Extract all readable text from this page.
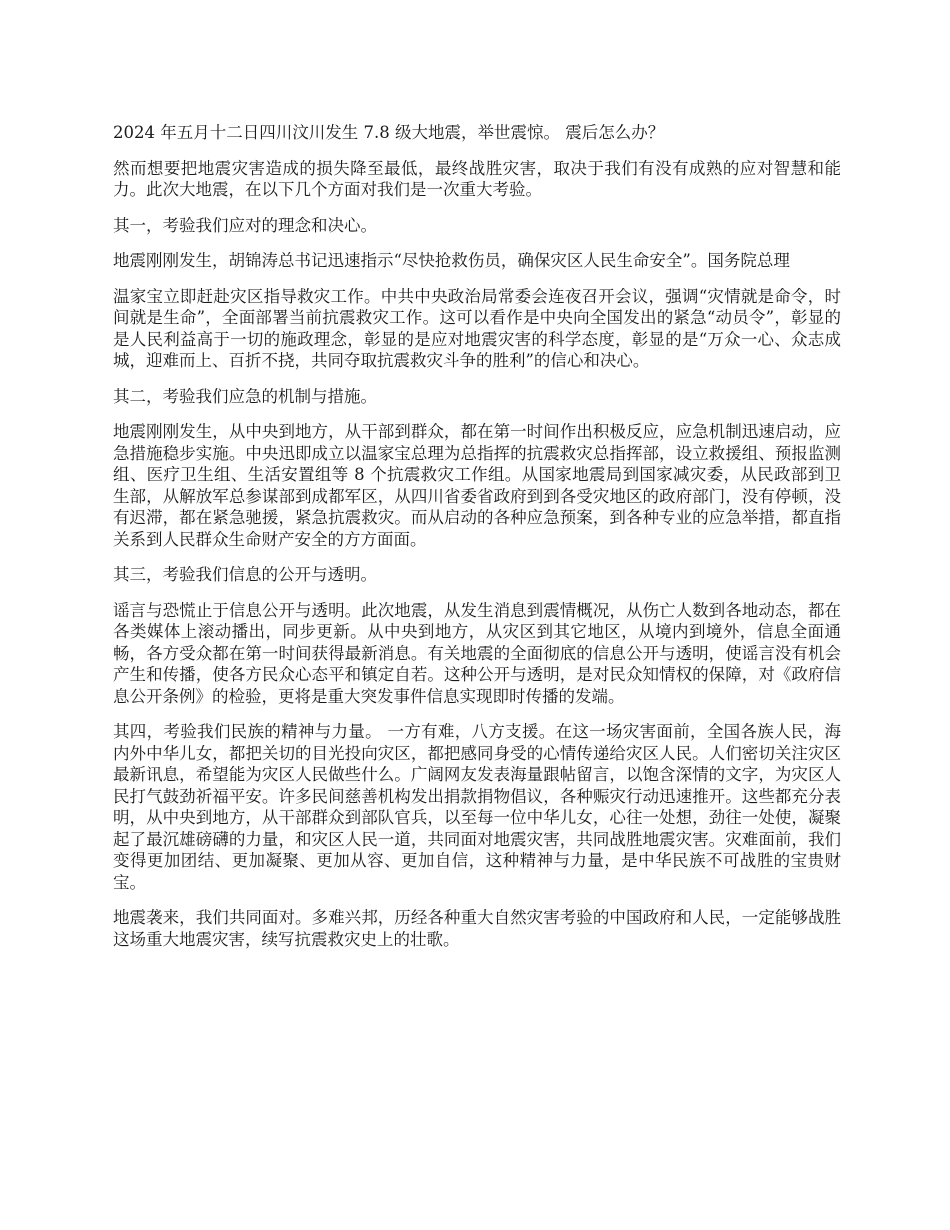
2024 年五月十二日四川汶川发生 7.8 级大地震，举世震惊。 震后怎么办？

然而想要把地震灾害造成的损失降至最低，最终战胜灾害，取决于我们有没有成熟的应对智慧和能力。此次大地震，在以下几个方面对我们是一次重大考验。

其一，考验我们应对的理念和决心。

地震刚刚发生，胡锦涛总书记迅速指示“尽快抢救伤员，确保灾区人民生命安全”。国务院总理

温家宝立即赶赴灾区指导救灾工作。中共中央政治局常委会连夜召开会议，强调“灾情就是命令，时间就是生命”，全面部署当前抗震救灾工作。这可以看作是中央向全国发出的紧急“动员令”，彰显的是人民利益高于一切的施政理念，彰显的是应对地震灾害的科学态度，彰显的是“万众一心、众志成城，迎难而上、百折不挠，共同夺取抗震救灾斗争的胜利”的信心和决心。

其二，考验我们应急的机制与措施。

地震刚刚发生，从中央到地方，从干部到群众，都在第一时间作出积极反应，应急机制迅速启动，应急措施稳步实施。中央迅即成立以温家宝总理为总指挥的抗震救灾总指挥部，设立救援组、预报监测组、医疗卫生组、生活安置组等 8 个抗震救灾工作组。从国家地震局到国家减灾委，从民政部到卫生部，从解放军总参谋部到成都军区，从四川省委省政府到到各受灾地区的政府部门，没有停顿，没有迟滞，都在紧急驰援，紧急抗震救灾。而从启动的各种应急预案，到各种专业的应急举措，都直指关系到人民群众生命财产安全的方方面面。

其三，考验我们信息的公开与透明。

谣言与恐慌止于信息公开与透明。此次地震，从发生消息到震情概况，从伤亡人数到各地动态，都在各类媒体上滚动播出，同步更新。从中央到地方，从灾区到其它地区，从境内到境外，信息全面通畅，各方受众都在第一时间获得最新消息。有关地震的全面彻底的信息公开与透明，使谣言没有机会产生和传播，使各方民众心态平和镇定自若。这种公开与透明，是对民众知情权的保障，对《政府信息公开条例》的检验，更将是重大突发事件信息实现即时传播的发端。

其四，考验我们民族的精神与力量。 一方有难，八方支援。在这一场灾害面前，全国各族人民，海内外中华儿女，都把关切的目光投向灾区，都把感同身受的心情传递给灾区人民。人们密切关注灾区最新讯息，希望能为灾区人民做些什么。广阔网友发表海量跟帖留言，以饱含深情的文字，为灾区人民打气鼓劲祈福平安。许多民间慈善机构发出捐款捐物倡议，各种赈灾行动迅速推开。这些都充分表明，从中央到地方，从干部群众到部队官兵，以至每一位中华儿女，心往一处想，劲往一处使，凝聚起了最沉雄磅礴的力量，和灾区人民一道，共同面对地震灾害，共同战胜地震灾害。灾难面前，我们变得更加团结、更加凝聚、更加从容、更加自信，这种精神与力量，是中华民族不可战胜的宝贵财宝。

地震袭来，我们共同面对。多难兴邦，历经各种重大自然灾害考验的中国政府和人民，一定能够战胜这场重大地震灾害，续写抗震救灾史上的壮歌。
